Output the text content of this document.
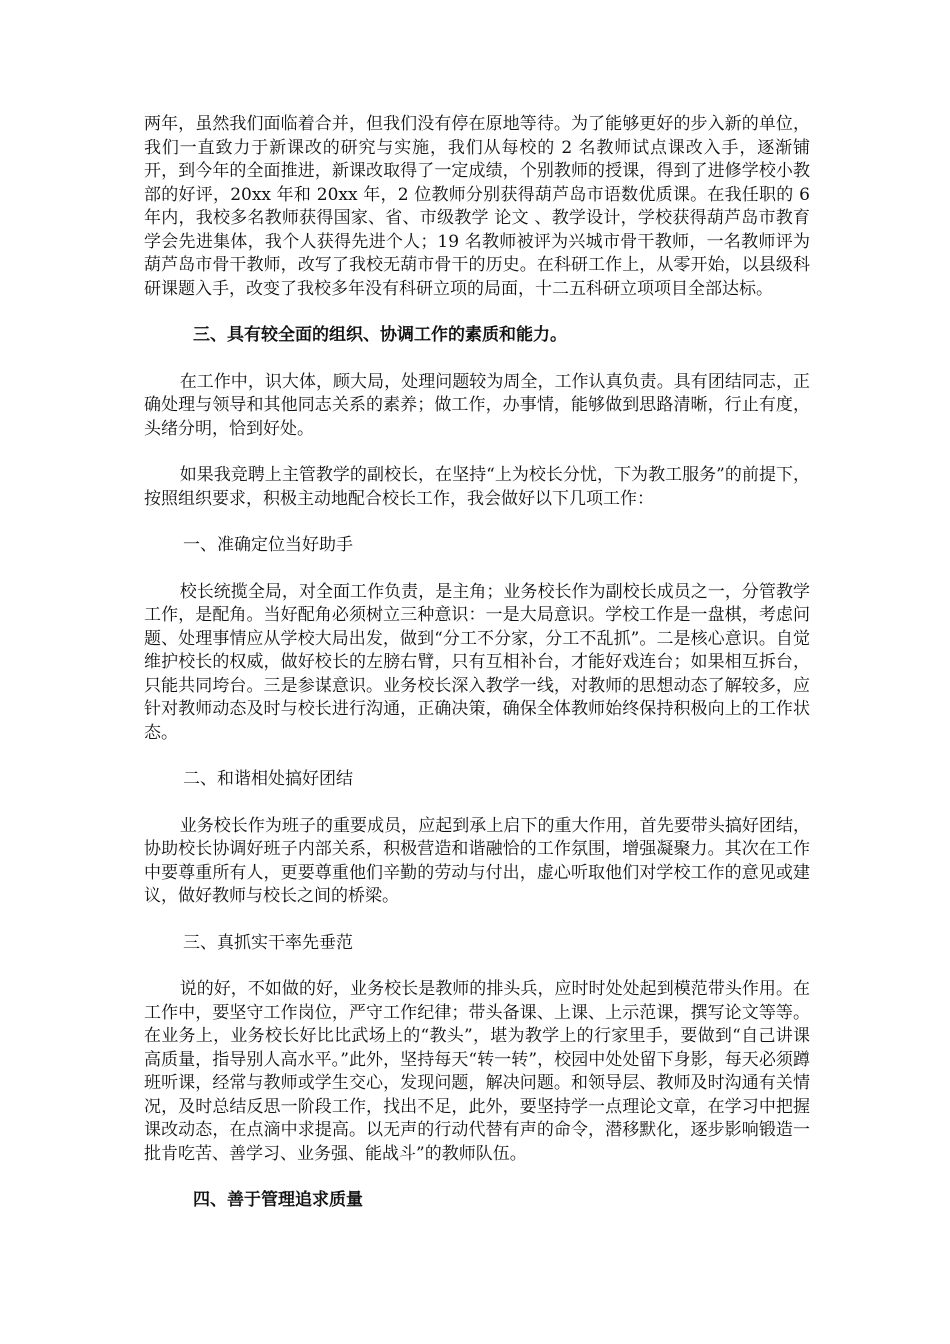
两年，虽然我们面临着合并，但我们没有停在原地等待。为了能够更好的步入新的单位，我们一直致力于新课改的研究与实施，我们从每校的 2 名教师试点课改入手，逐渐铺开，到今年的全面推进，新课改取得了一定成绩，个别教师的授课，得到了进修学校小教部的好评，20xx 年和 20xx 年，2 位教师分别获得葫芦岛市语数优质课。在我任职的 6 年内，我校多名教师获得国家、省、市级教学 论文 、教学设计，学校获得葫芦岛市教育学会先进集体，我个人获得先进个人；19 名教师被评为兴城市骨干教师，一名教师评为葫芦岛市骨干教师，改写了我校无葫市骨干的历史。在科研工作上，从零开始，以县级科研课题入手，改变了我校多年没有科研立项的局面，十二五科研立项项目全部达标。

三、具有较全面的组织、协调工作的素质和能力。

在工作中，识大体，顾大局，处理问题较为周全，工作认真负责。具有团结同志，正确处理与领导和其他同志关系的素养；做工作，办事情，能够做到思路清晰，行止有度，头绪分明，恰到好处。

如果我竞聘上主管教学的副校长，在坚持“上为校长分忧，下为教工服务”的前提下，按照组织要求，积极主动地配合校长工作，我会做好以下几项工作：

一、准确定位当好助手

校长统揽全局，对全面工作负责，是主角；业务校长作为副校长成员之一，分管教学工作，是配角。当好配角必须树立三种意识：一是大局意识。学校工作是一盘棋，考虑问题、处理事情应从学校大局出发，做到“分工不分家，分工不乱抓”。二是核心意识。自觉维护校长的权威，做好校长的左膀右臂，只有互相补台，才能好戏连台；如果相互拆台，只能共同垮台。三是参谋意识。业务校长深入教学一线，对教师的思想动态了解较多，应针对教师动态及时与校长进行沟通，正确决策，确保全体教师始终保持积极向上的工作状态。

二、和谐相处搞好团结

业务校长作为班子的重要成员，应起到承上启下的重大作用，首先要带头搞好团结，协助校长协调好班子内部关系，积极营造和谐融恰的工作氛围，增强凝聚力。其次在工作中要尊重所有人，更要尊重他们辛勤的劳动与付出，虚心听取他们对学校工作的意见或建议，做好教师与校长之间的桥梁。

三、真抓实干率先垂范

说的好，不如做的好，业务校长是教师的排头兵，应时时处处起到模范带头作用。在工作中，要坚守工作岗位，严守工作纪律；带头备课、上课、上示范课，撰写论文等等。在业务上，业务校长好比比武场上的“教头”，堪为教学上的行家里手，要做到“自己讲课高质量，指导别人高水平。”此外，坚持每天“转一转”，校园中处处留下身影，每天必须蹲班听课，经常与教师或学生交心，发现问题，解决问题。和领导层、教师及时沟通有关情况，及时总结反思一阶段工作，找出不足，此外，要坚持学一点理论文章，在学习中把握课改动态，在点滴中求提高。以无声的行动代替有声的命令，潜移默化，逐步影响锻造一批肯吃苦、善学习、业务强、能战斗”的教师队伍。

四、善于管理追求质量
